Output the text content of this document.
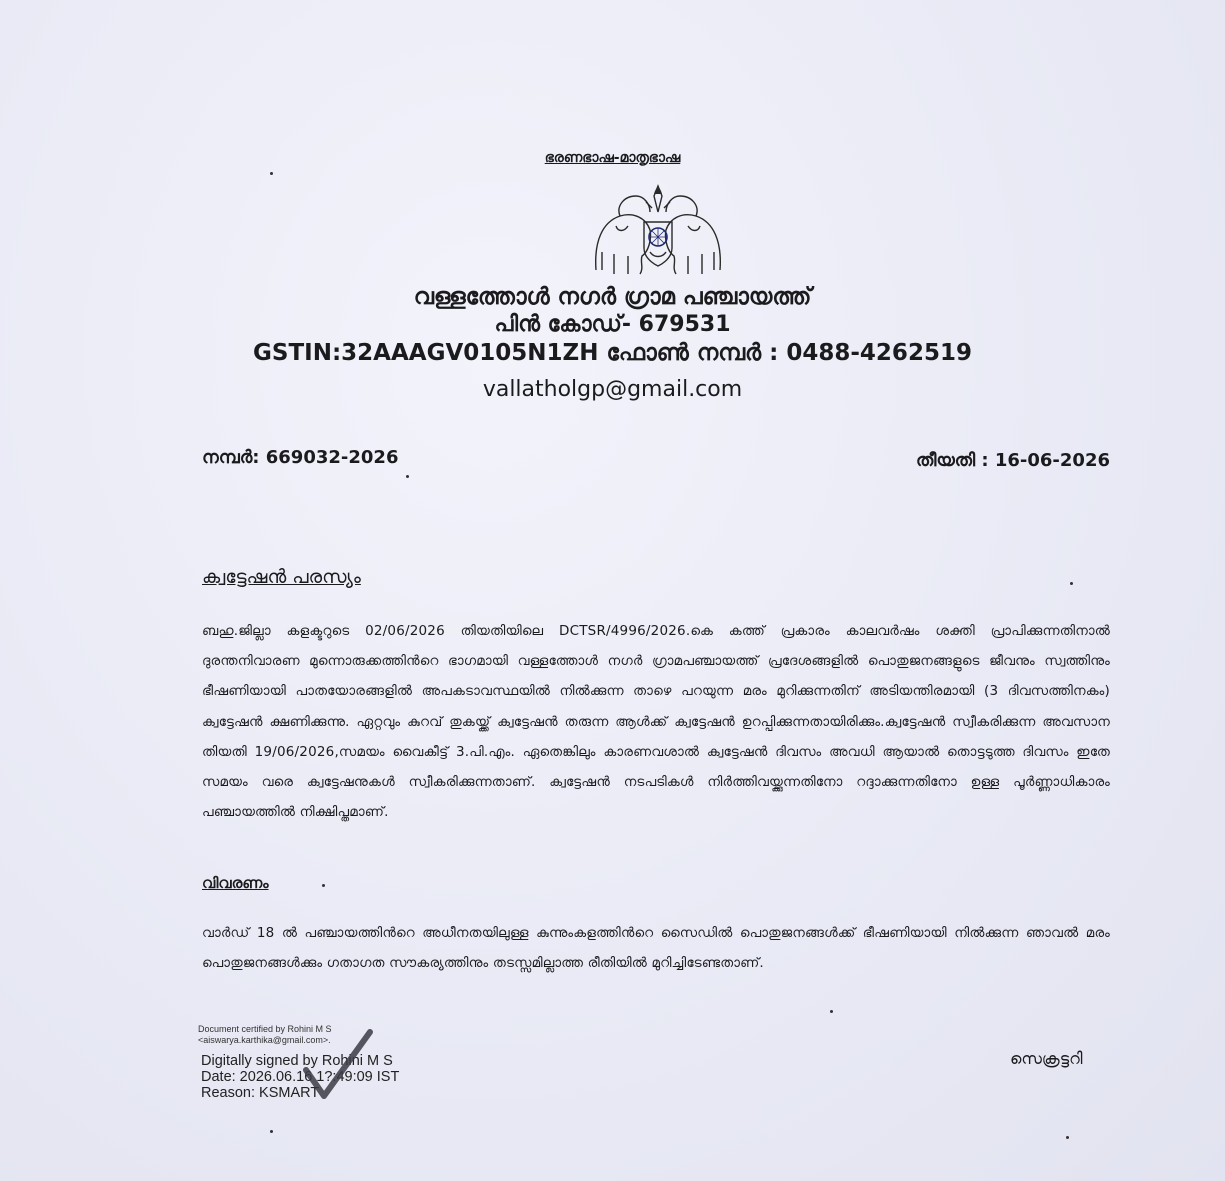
ഭരണഭാഷ-മാതൃഭാഷ
വള്ളത്തോൾ നഗർ ഗ്രാമ പഞ്ചായത്ത്
പിൻ കോഡ്- 679531
GSTIN:32AAAGV0105N1ZH ഫോൺ നമ്പർ : 0488-4262519
vallatholgp@gmail.com
നമ്പർ: 669032-2026	തീയതി : 16-06-2026
ക്വട്ടേഷൻ പരസ്യം
ബഹു.ജില്ലാ കളക്ടറുടെ 02/06/2026 തിയതിയിലെ DCTSR/4996/2026.കെ കത്ത് പ്രകാരം കാലവർഷം ശക്തി പ്രാപിക്കുന്നതിനാൽ ദുരന്തനിവാരണ മുന്നൊരുക്കത്തിൻറെ ഭാഗമായി വള്ളത്തോൾ നഗർ ഗ്രാമപഞ്ചായത്ത് പ്രദേശങ്ങളിൽ പൊതുജനങ്ങളുടെ ജീവനും സ്വത്തിനും ഭീഷണിയായി പാതയോരങ്ങളിൽ അപകടാവസ്ഥയിൽ നിൽക്കുന്ന താഴെ പറയുന്ന മരം മുറിക്കുന്നതിന് അടിയന്തിരമായി (3 ദിവസത്തിനകം) ക്വട്ടേഷൻ ക്ഷണിക്കുന്നു. ഏറ്റവും കുറവ് തുകയ്ക്ക് ക്വട്ടേഷൻ തരുന്ന ആൾക്ക് ക്വട്ടേഷൻ ഉറപ്പിക്കുന്നതായിരിക്കും.ക്വട്ടേഷൻ സ്വീകരിക്കുന്ന അവസാന തിയതി 19/06/2026,സമയം വൈകീട്ട് 3.പി.എം. ഏതെങ്കിലും കാരണവശാൽ ക്വട്ടേഷൻ ദിവസം അവധി ആയാൽ തൊട്ടടുത്ത ദിവസം ഇതേ സമയം വരെ ക്വട്ടേഷനുകൾ സ്വീകരിക്കുന്നതാണ്. ക്വട്ടേഷൻ നടപടികൾ നിർത്തിവയ്ക്കുന്നതിനോ റദ്ദാക്കുന്നതിനോ ഉള്ള പൂർണ്ണാധികാരം പഞ്ചായത്തിൽ നിക്ഷിപ്തമാണ്.
വിവരണം
വാർഡ് 18 ൽ പഞ്ചായത്തിൻറെ അധീനതയിലുള്ള കുന്നുംകളത്തിൻറെ സൈഡിൽ പൊതുജനങ്ങൾക്ക് ഭീഷണിയായി നിൽക്കുന്ന ഞാവൽ മരം പൊതുജനങ്ങൾക്കും ഗതാഗത സൗകര്യത്തിനും തടസ്സമില്ലാത്ത രീതിയിൽ മുറിച്ചിടേണ്ടതാണ്.
Document certified by Rohini M S
<aiswarya.karthika@gmail.com>.
Digitally signed by Rohini M S
Date: 2026.06.16 1?:49:09 IST
Reason: KSMART
സെക്രട്ടറി
